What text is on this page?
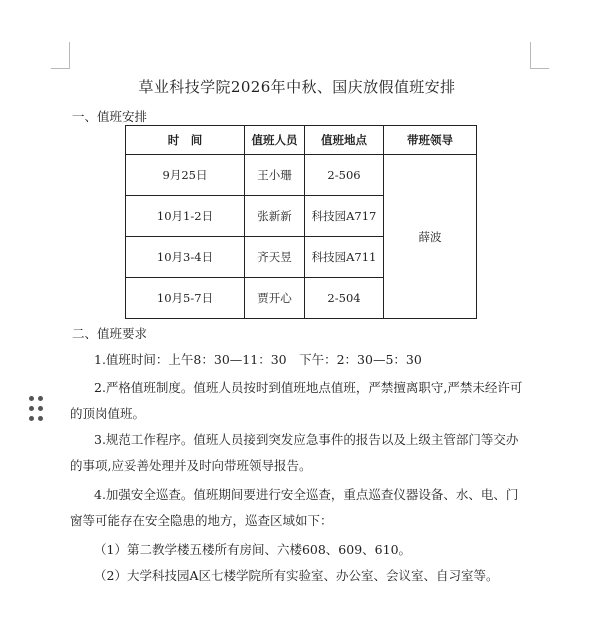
草业科技学院2026年中秋、国庆放假值班安排
一、值班安排
时　间	值班人员	值班地点	带班领导
9月25日	王小珊	2-506	薛波
10月1-2日	张新新	科技园A717	
10月3-4日	齐天昱	科技园A711	
10月5-7日	贾开心	2-504	
二、值班要求
1.值班时间：上午8：30—11：30　下午：2：30—5：30
2.严格值班制度。值班人员按时到值班地点值班，严禁擅离职守,严禁未经许可的顶岗值班。
3.规范工作程序。值班人员接到突发应急事件的报告以及上级主管部门等交办的事项,应妥善处理并及时向带班领导报告。
4.加强安全巡查。值班期间要进行安全巡查，重点巡查仪器设备、水、电、门窗等可能存在安全隐患的地方，巡查区域如下：
（1）第二教学楼五楼所有房间、六楼608、609、610。
（2）大学科技园A区七楼学院所有实验室、办公室、会议室、自习室等。
